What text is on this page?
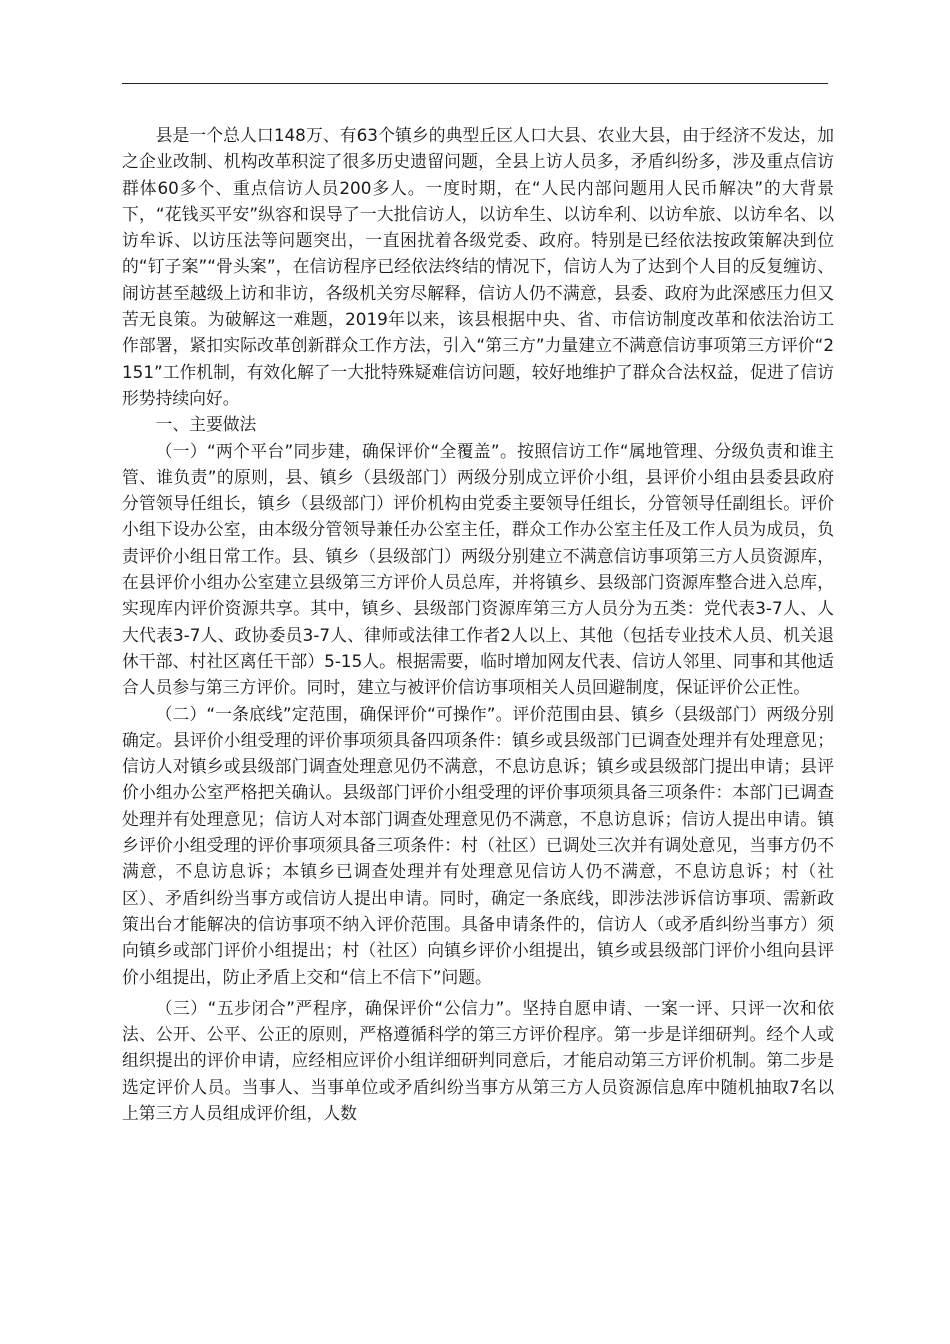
县是一个总人口148万、有63个镇乡的典型丘区人口大县、农业大县，由于经济不发达，加之企业改制、机构改革积淀了很多历史遗留问题，全县上访人员多，矛盾纠纷多，涉及重点信访群体60多个、重点信访人员200多人。一度时期，在“人民内部问题用人民币解决”的大背景下，“花钱买平安”纵容和误导了一大批信访人，以访牟生、以访牟利、以访牟旅、以访牟名、以访牟诉、以访压法等问题突出，一直困扰着各级党委、政府。特别是已经依法按政策解决到位的“钉子案”“骨头案”，在信访程序已经依法终结的情况下，信访人为了达到个人目的反复缠访、闹访甚至越级上访和非访，各级机关穷尽解释，信访人仍不满意，县委、政府为此深感压力但又苦无良策。为破解这一难题，2019年以来，该县根据中央、省、市信访制度改革和依法治访工作部署，紧扣实际改革创新群众工作方法，引入“第三方”力量建立不满意信访事项第三方评价“2151”工作机制，有效化解了一大批特殊疑难信访问题，较好地维护了群众合法权益，促进了信访形势持续向好。

一、主要做法

（一）“两个平台”同步建，确保评价“全覆盖”。按照信访工作“属地管理、分级负责和谁主管、谁负责”的原则，县、镇乡（县级部门）两级分别成立评价小组，县评价小组由县委县政府分管领导任组长，镇乡（县级部门）评价机构由党委主要领导任组长，分管领导任副组长。评价小组下设办公室，由本级分管领导兼任办公室主任，群众工作办公室主任及工作人员为成员，负责评价小组日常工作。县、镇乡（县级部门）两级分别建立不满意信访事项第三方人员资源库，在县评价小组办公室建立县级第三方评价人员总库，并将镇乡、县级部门资源库整合进入总库，实现库内评价资源共享。其中，镇乡、县级部门资源库第三方人员分为五类：党代表3-7人、人大代表3-7人、政协委员3-7人、律师或法律工作者2人以上、其他（包括专业技术人员、机关退休干部、村社区离任干部）5-15人。根据需要，临时增加网友代表、信访人邻里、同事和其他适合人员参与第三方评价。同时，建立与被评价信访事项相关人员回避制度，保证评价公正性。

（二）“一条底线”定范围，确保评价“可操作”。评价范围由县、镇乡（县级部门）两级分别确定。县评价小组受理的评价事项须具备四项条件：镇乡或县级部门已调查处理并有处理意见；信访人对镇乡或县级部门调查处理意见仍不满意，不息访息诉；镇乡或县级部门提出申请；县评价小组办公室严格把关确认。县级部门评价小组受理的评价事项须具备三项条件：本部门已调查处理并有处理意见；信访人对本部门调查处理意见仍不满意，不息访息诉；信访人提出申请。镇乡评价小组受理的评价事项须具备三项条件：村（社区）已调处三次并有调处意见，当事方仍不满意，不息访息诉；本镇乡已调查处理并有处理意见信访人仍不满意，不息访息诉；村（社区）、矛盾纠纷当事方或信访人提出申请。同时，确定一条底线，即涉法涉诉信访事项、需新政策出台才能解决的信访事项不纳入评价范围。具备申请条件的，信访人（或矛盾纠纷当事方）须向镇乡或部门评价小组提出；村（社区）向镇乡评价小组提出，镇乡或县级部门评价小组向县评价小组提出，防止矛盾上交和“信上不信下”问题。

（三）“五步闭合”严程序，确保评价“公信力”。坚持自愿申请、一案一评、只评一次和依法、公开、公平、公正的原则，严格遵循科学的第三方评价程序。第一步是详细研判。经个人或组织提出的评价申请，应经相应评价小组详细研判同意后，才能启动第三方评价机制。第二步是选定评价人员。当事人、当事单位或矛盾纠纷当事方从第三方人员资源信息库中随机抽取7名以上第三方人员组成评价组，人数
